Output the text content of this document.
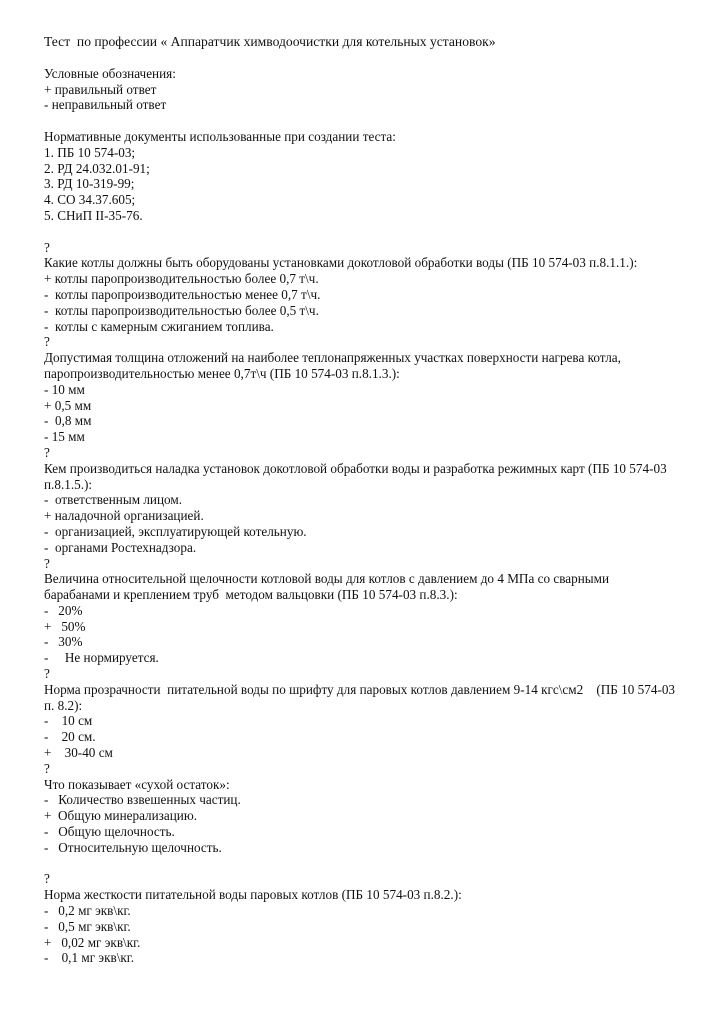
Тест  по профессии « Аппаратчик химводоочистки для котельных установок»
Условные обозначения:
+ правильный ответ
- неправильный ответ
Нормативные документы использованные при создании теста:
1. ПБ 10 574-03;
2. РД 24.032.01-91;
3. РД 10-319-99;
4. СО 34.37.605;
5. СНиП II-35-76.
?
Какие котлы должны быть оборудованы установками докотловой обработки воды (ПБ 10 574-03 п.8.1.1.):
+ котлы паропроизводительностью более 0,7 т\ч.
-  котлы паропроизводительностью менее 0,7 т\ч.
-  котлы паропроизводительностью более 0,5 т\ч.
-  котлы с камерным сжиганием топлива.
?
Допустимая толщина отложений на наиболее теплонапряженных участках поверхности нагрева котла,
паропроизводительностью менее 0,7т\ч (ПБ 10 574-03 п.8.1.3.):
- 10 мм
+ 0,5 мм
-  0,8 мм
- 15 мм
?
Кем производиться наладка установок докотловой обработки воды и разработка режимных карт (ПБ 10 574-03
п.8.1.5.):
-  ответственным лицом.
+ наладочной организацией.
-  организацией, эксплуатирующей котельную.
-  органами Ростехнадзора.
?
Величина относительной щелочности котловой воды для котлов с давлением до 4 МПа со сварными
барабанами и креплением труб  методом вальцовки (ПБ 10 574-03 п.8.3.):
-   20%
+   50%
-   30%
-     Не нормируется.
?
Норма прозрачности  питательной воды по шрифту для паровых котлов давлением 9-14 кгс\см2    (ПБ 10 574-03
п. 8.2):
-    10 см
-    20 см.
+    30-40 см
?
Что показывает «сухой остаток»:
-   Количество взвешенных частиц.
+  Общую минерализацию.
-   Общую щелочность.
-   Относительную щелочность.
?
Норма жесткости питательной воды паровых котлов (ПБ 10 574-03 п.8.2.):
-   0,2 мг экв\кг.
-   0,5 мг экв\кг.
+   0,02 мг экв\кг.
-    0,1 мг экв\кг.
